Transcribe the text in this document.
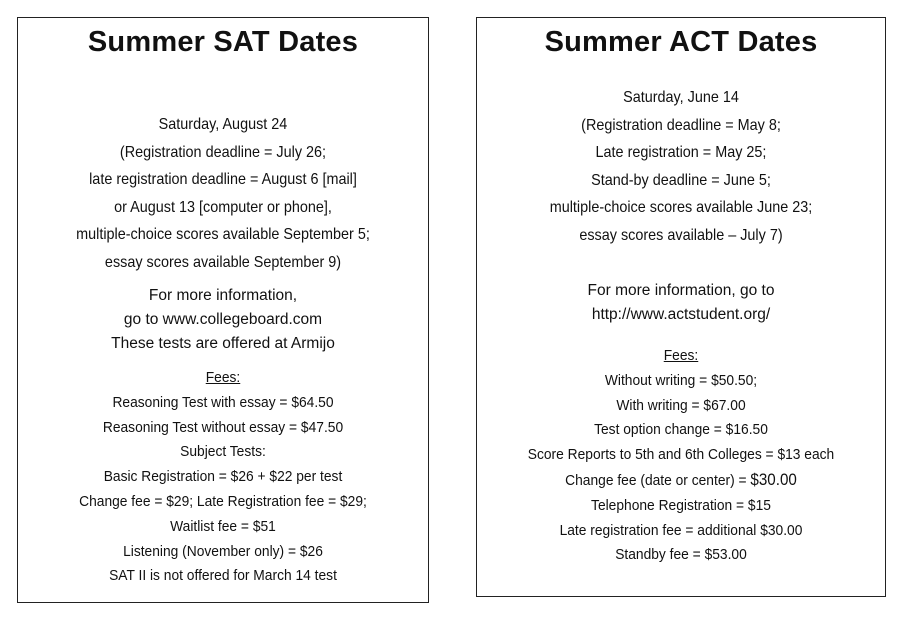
Summer SAT Dates
Saturday, August 24
(Registration deadline = July 26;
late registration deadline = August 6 [mail]
or August 13 [computer or phone],
multiple-choice scores available September 5;
essay scores available September 9)
For more information,
go to www.collegeboard.com
These tests are offered at Armijo
Fees:
Reasoning Test with essay = $64.50
Reasoning Test without essay = $47.50
Subject Tests:
Basic Registration = $26 + $22 per test
Change fee = $29; Late Registration fee = $29;
Waitlist fee = $51
Listening (November only) = $26
SAT II is not offered for March 14 test
Summer ACT Dates
Saturday, June 14
(Registration deadline = May 8;
Late registration = May 25;
Stand-by deadline = June 5;
multiple-choice scores available June 23;
essay scores available – July 7)
For more information, go to
http://www.actstudent.org/
Fees:
Without writing = $50.50;
With writing = $67.00
Test option change = $16.50
Score Reports to 5th and 6th Colleges = $13 each
Change fee (date or center) = $30.00
Telephone Registration = $15
Late registration fee = additional $30.00
Standby fee = $53.00
